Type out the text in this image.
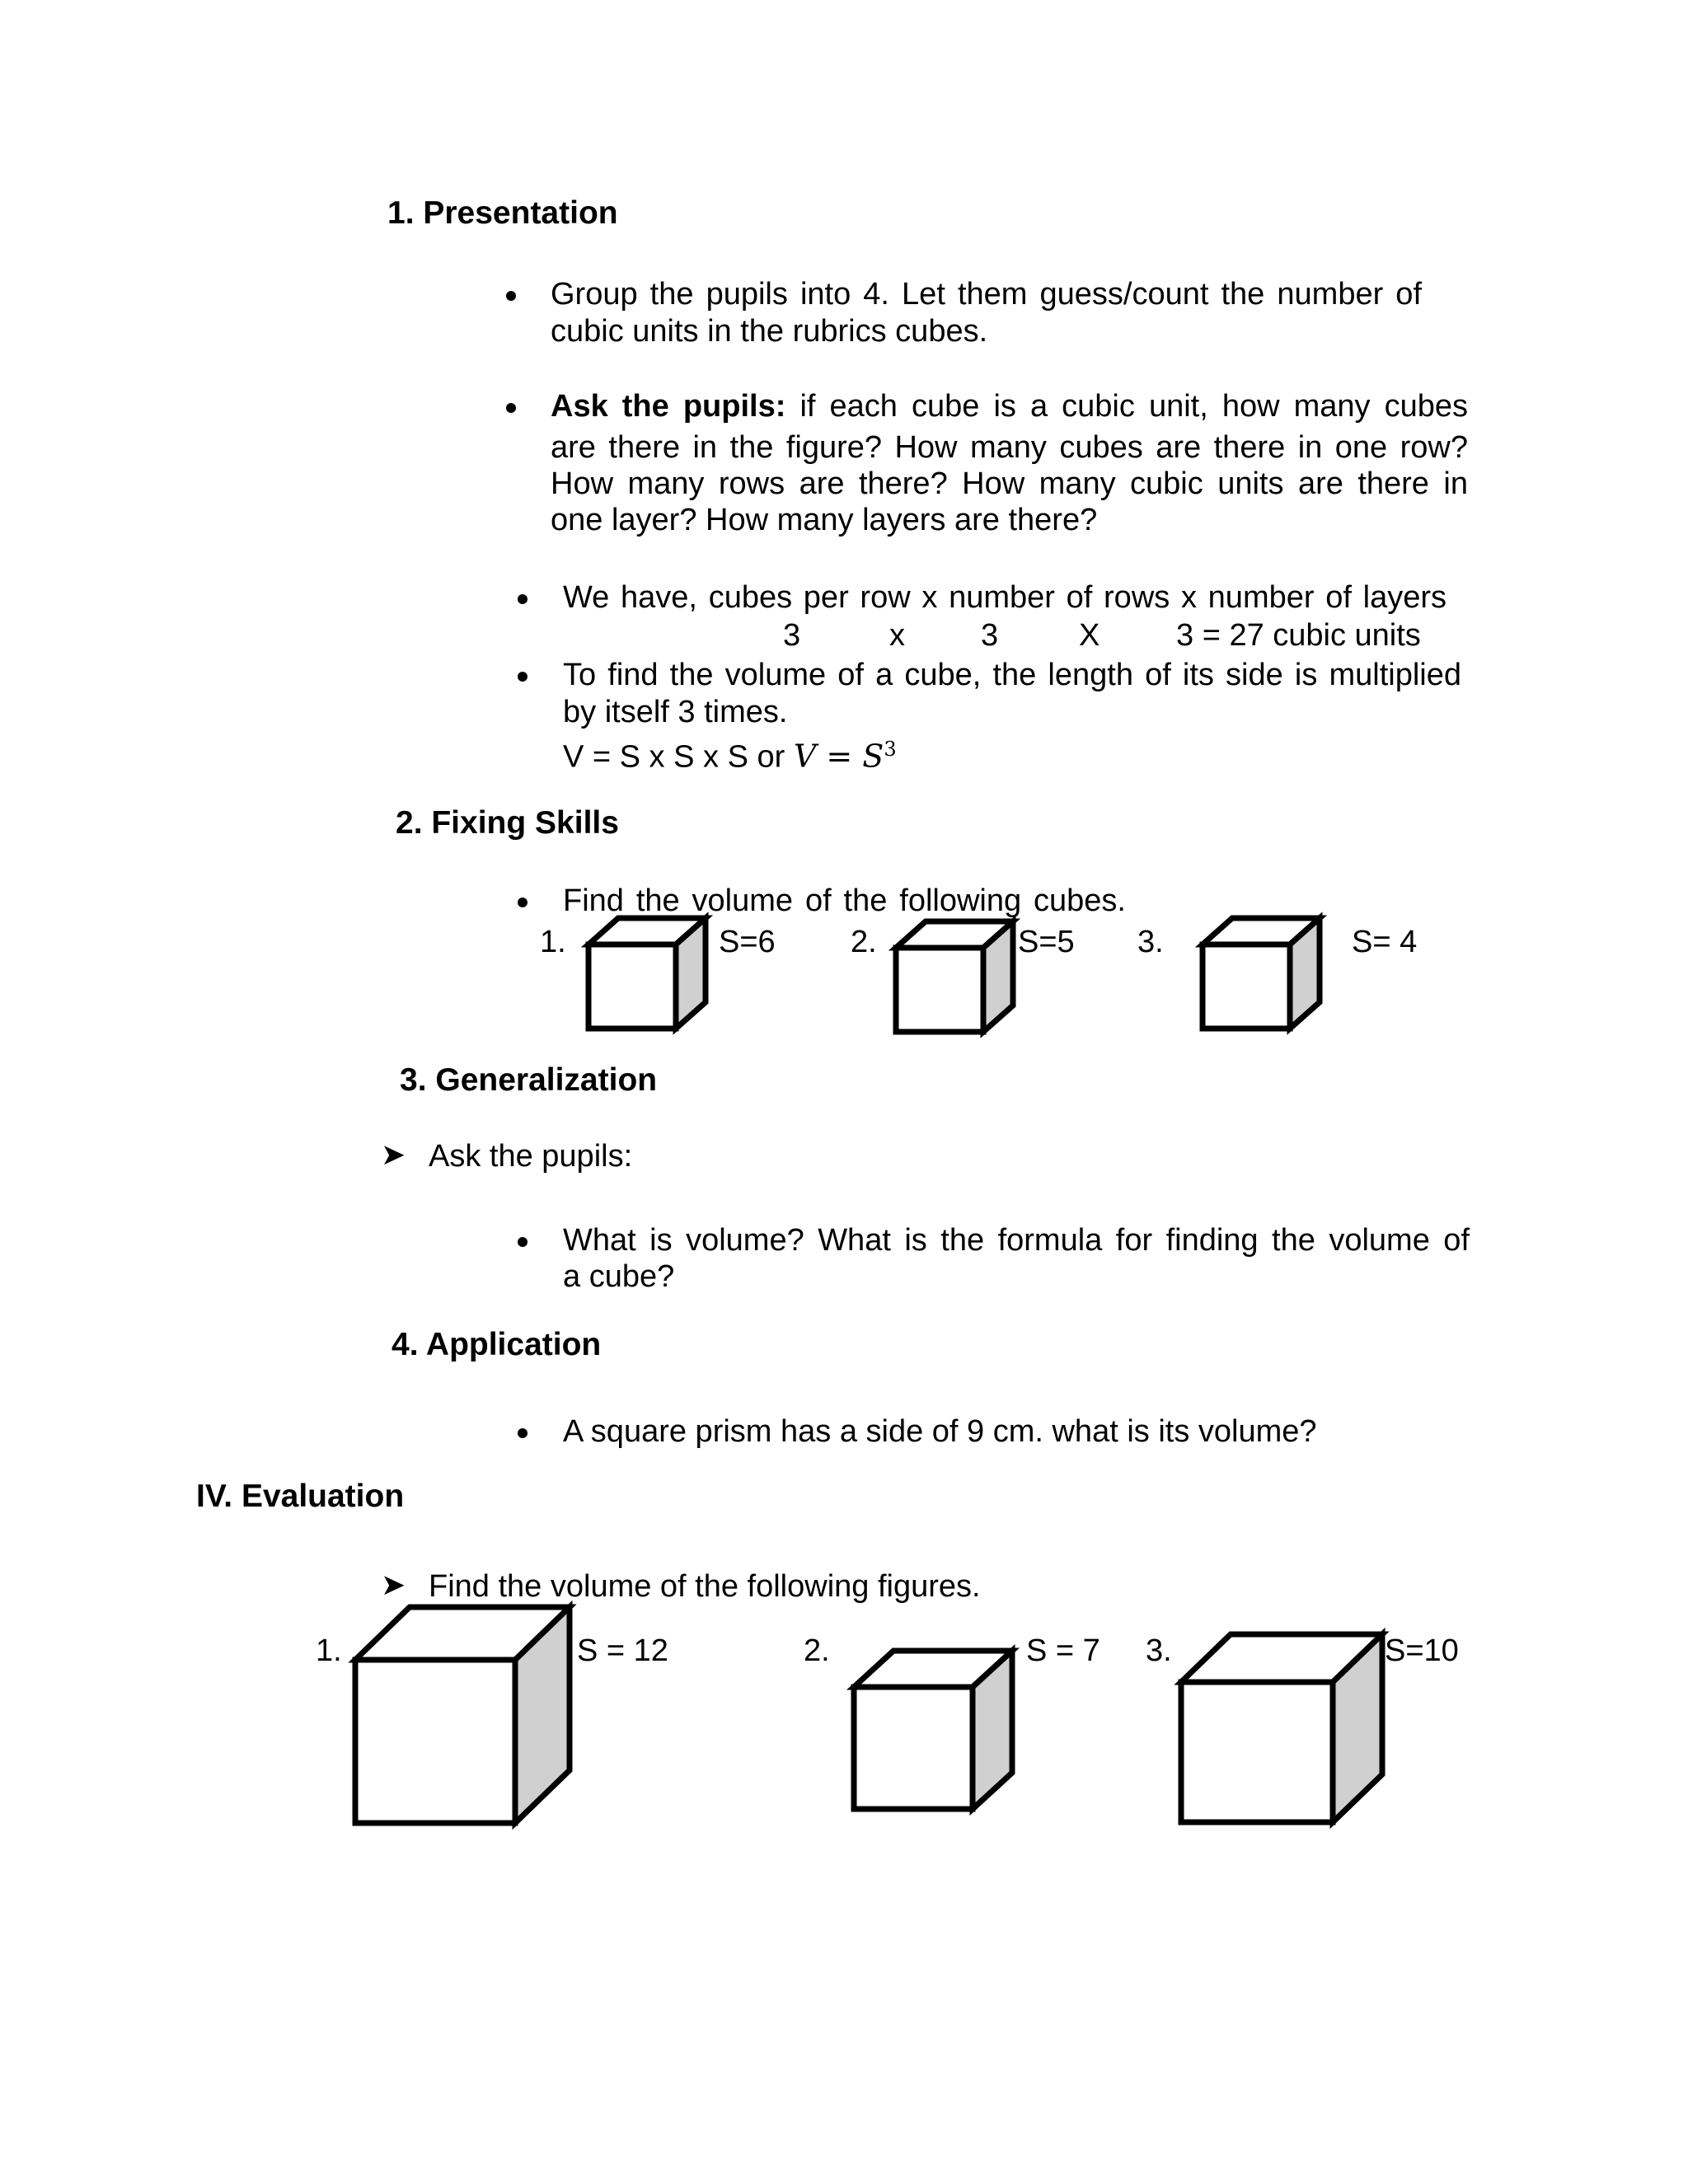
1. Presentation
Group the pupils into 4. Let them guess/count the number of
cubic units in the rubrics cubes.
Ask the pupils: if each cube is a cubic unit, how many cubes
are there in the figure? How many cubes are there in one row?
How many rows are there? How many cubic units are there in
one layer? How many layers are there?
We have, cubes per row x number of rows x number of layers
3	x 3	X 3 = 27 cubic units
To find the volume of a cube, the length of its side is multiplied
by itself 3 times.
V = S x S x S or $V = S^3$
2. Fixing Skills
Find the volume of the following cubes.
1.	S=6 2.	S=5 3.	S= 4
3. Generalization
➤ Ask the pupils:
What is volume? What is the formula for finding the volume of
a cube?
4. Application
A square prism has a side of 9 cm. what is its volume?
IV. Evaluation
➤ Find the volume of the following figures.
1.	S = 12	2.	S = 7 3.	S=10
